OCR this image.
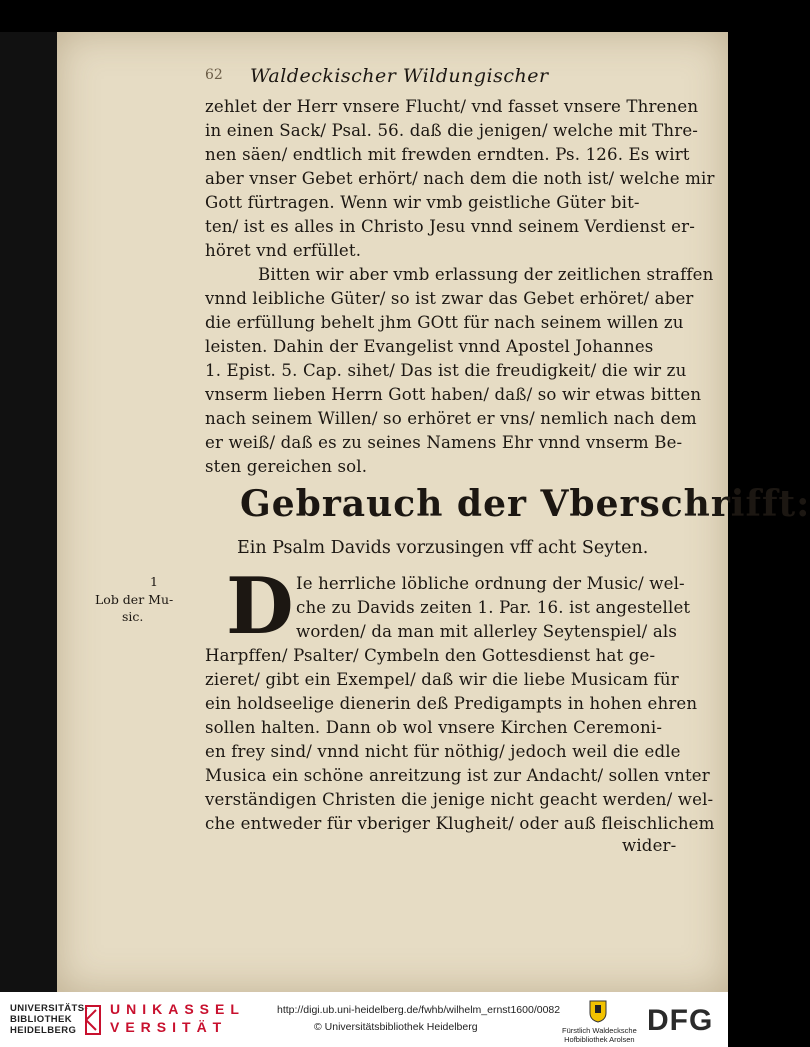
62 Waldeckischer Wildungischer
zehlet der Herr vnsere Flucht/ vnd fasset vnsere Threnen
in einen Sack/ Psal. 56. daß die jenigen/ welche mit Thre-
nen säen/ endtlich mit frewden erndten. Ps. 126. Es wirt
aber vnser Gebet erhört/ nach dem die noth ist/ welche mir
Gott fürtragen. Wenn wir vmb geistliche Güter bit-
ten/ ist es alles in Christo Jesu vnnd seinem Verdienst er-
höret vnd erfüllet.
Bitten wir aber vmb erlassung der zeitlichen straffen
vnnd leibliche Güter/ so ist zwar das Gebet erhöret/ aber
die erfüllung behelt jhm GOtt für nach seinem willen zu
leisten. Dahin der Evangelist vnnd Apostel Johannes
1. Epist. 5. Cap. sihet/ Das ist die freudigkeit/ die wir zu
vnserm lieben Herrn Gott haben/ daß/ so wir etwas bitten
nach seinem Willen/ so erhöret er vns/ nemlich nach dem
er weiß/ daß es zu seines Namens Ehr vnnd vnserm Be-
sten gereichen sol.
Gebrauch der Vberschrifft:
Ein Psalm Davids vorzusingen vff acht Seyten.
1
Lob der Mu-
sic. D Ie herrliche löbliche ordnung der Music/ wel-
che zu Davids zeiten 1. Par. 16. ist angestellet
worden/ da man mit allerley Seytenspiel/ als
Harpffen/ Psalter/ Cymbeln den Gottesdienst hat ge-
zieret/ gibt ein Exempel/ daß wir die liebe Musicam für
ein holdseelige dienerin deß Predigampts in hohen ehren
sollen halten. Dann ob wol vnsere Kirchen Ceremoni-
en frey sind/ vnnd nicht für nöthig/ jedoch weil die edle
Musica ein schöne anreitzung ist zur Andacht/ sollen vnter
verständigen Christen die jenige nicht geacht werden/ wel-
che entweder für vberiger Klugheit/ oder auß fleischlichem
wider-
UNIVERSITÄTS-
BIBLIOTHEK
HEIDELBERG
UNIKASSEL
VERSITÄT
http://digi.ub.uni-heidelberg.de/fwhb/wilhelm_ernst1600/0082
© Universitätsbibliothek Heidelberg	Fürstlich Waldecksche
Hofbibliothek Arolsen
DFG
